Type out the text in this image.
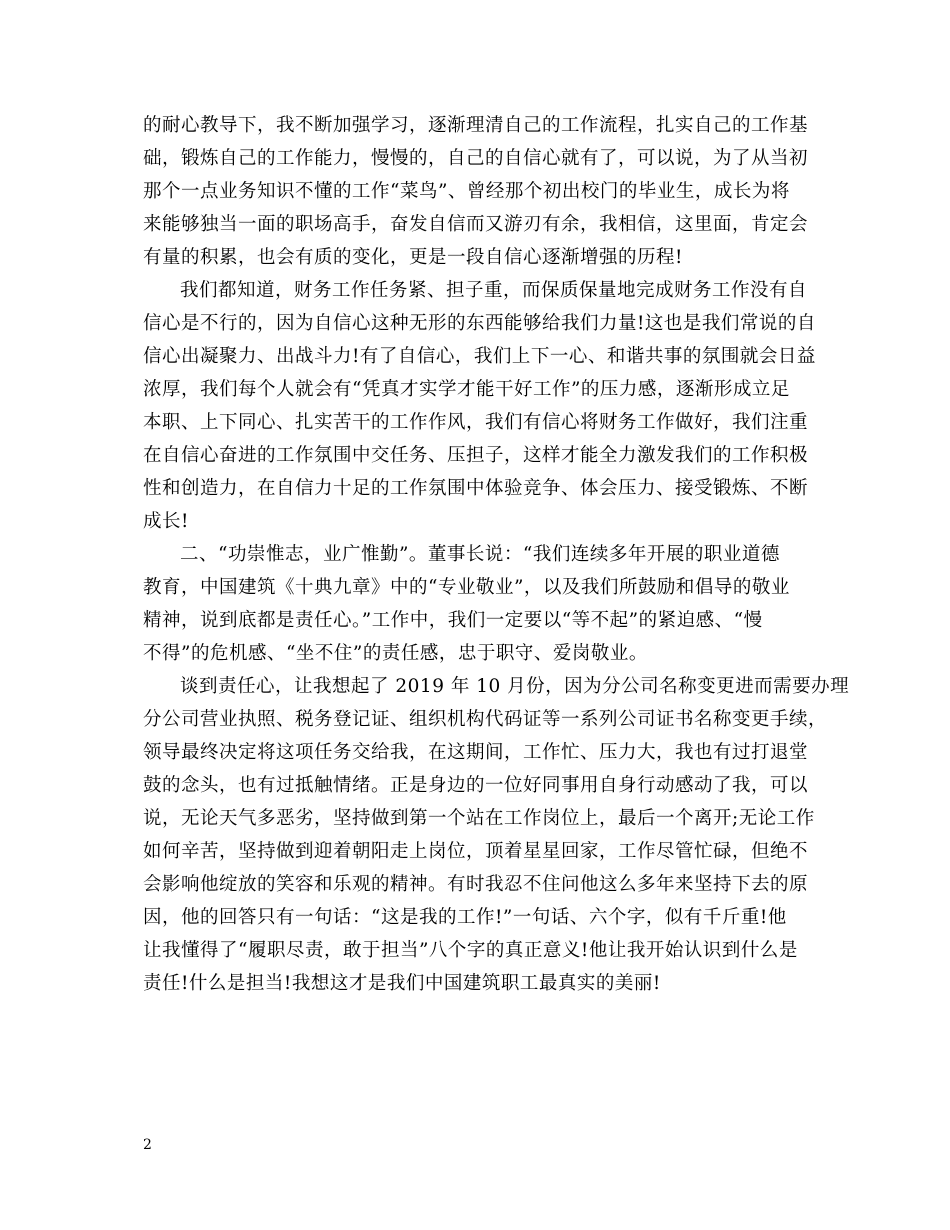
的耐心教导下，我不断加强学习，逐渐理清自己的工作流程，扎实自己的工作基
础，锻炼自己的工作能力，慢慢的，自己的自信心就有了，可以说，为了从当初
那个一点业务知识不懂的工作“菜鸟”、曾经那个初出校门的毕业生，成长为将
来能够独当一面的职场高手，奋发自信而又游刃有余，我相信，这里面，肯定会
有量的积累，也会有质的变化，更是一段自信心逐渐增强的历程!
我们都知道，财务工作任务紧、担子重，而保质保量地完成财务工作没有自
信心是不行的，因为自信心这种无形的东西能够给我们力量!这也是我们常说的自
信心出凝聚力、出战斗力!有了自信心，我们上下一心、和谐共事的氛围就会日益
浓厚，我们每个人就会有“凭真才实学才能干好工作”的压力感，逐渐形成立足
本职、上下同心、扎实苦干的工作作风，我们有信心将财务工作做好，我们注重
在自信心奋进的工作氛围中交任务、压担子，这样才能全力激发我们的工作积极
性和创造力，在自信力十足的工作氛围中体验竞争、体会压力、接受锻炼、不断
成长!
二、“功崇惟志，业广惟勤”。董事长说：“我们连续多年开展的职业道德
教育，中国建筑《十典九章》中的“专业敬业”，以及我们所鼓励和倡导的敬业
精神，说到底都是责任心。”工作中，我们一定要以“等不起”的紧迫感、“慢
不得”的危机感、“坐不住”的责任感，忠于职守、爱岗敬业。
谈到责任心，让我想起了 2019 年 10 月份，因为分公司名称变更进而需要办理
分公司营业执照、税务登记证、组织机构代码证等一系列公司证书名称变更手续，
领导最终决定将这项任务交给我，在这期间，工作忙、压力大，我也有过打退堂
鼓的念头，也有过抵触情绪。正是身边的一位好同事用自身行动感动了我，可以
说，无论天气多恶劣，坚持做到第一个站在工作岗位上，最后一个离开;无论工作
如何辛苦，坚持做到迎着朝阳走上岗位，顶着星星回家，工作尽管忙碌，但绝不
会影响他绽放的笑容和乐观的精神。有时我忍不住问他这么多年来坚持下去的原
因，他的回答只有一句话：“这是我的工作!”一句话、六个字，似有千斤重!他
让我懂得了“履职尽责，敢于担当”八个字的真正意义!他让我开始认识到什么是
责任!什么是担当!我想这才是我们中国建筑职工最真实的美丽!
2
